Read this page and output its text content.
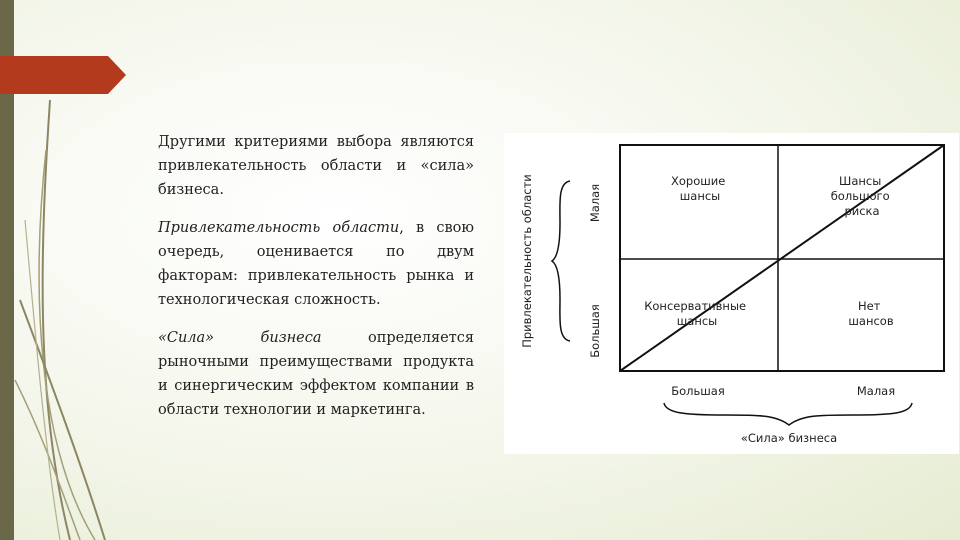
Другими критериями выбора являются привлекательность области и «сила» бизнеса.

Привлекательность области, в свою очередь, оценивается по двум факторам: привлекательность рынка и технологическая сложность.

«Сила» бизнеса определяется рыночными преимуществами продукта и синергическим эффектом компании в области технологии и маркетинга.

Хорошие шансы
Шансы большого риска
Консервативные шансы
Нет шансов
Привлекательность области	Малая
Большая
Большая	Малая
«Сила» бизнеса
